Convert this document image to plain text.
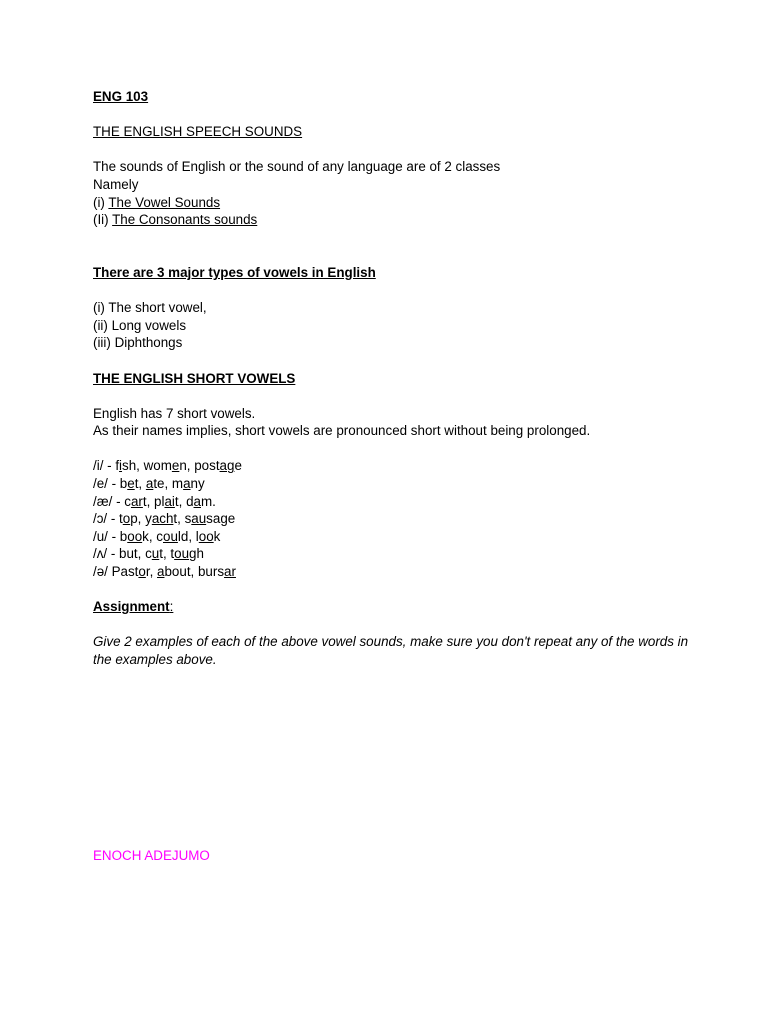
ENG 103
THE ENGLISH SPEECH SOUNDS
The sounds of English or the sound of any language are of 2 classes
Namely
(i) The Vowel Sounds
(Ii) The Consonants sounds
There are 3 major types of vowels in English
(i) The short vowel,
(ii) Long vowels
(iii) Diphthongs
THE ENGLISH SHORT VOWELS
English has 7 short vowels.
As their names implies, short vowels are pronounced short without being prolonged.
/i/ - fish, women, postage
/e/ - bet, ate, many
/æ/ - cart, plait, dam.
/ɔ/ - top, yacht, sausage
/u/ - book, could, look
/ʌ/ - but, cut, tough
/ə/ Pastor, about, bursar
Assignment:
Give 2 examples of each of the above vowel sounds, make sure you don't repeat any of the words in the examples above.
ENOCH ADEJUMO
